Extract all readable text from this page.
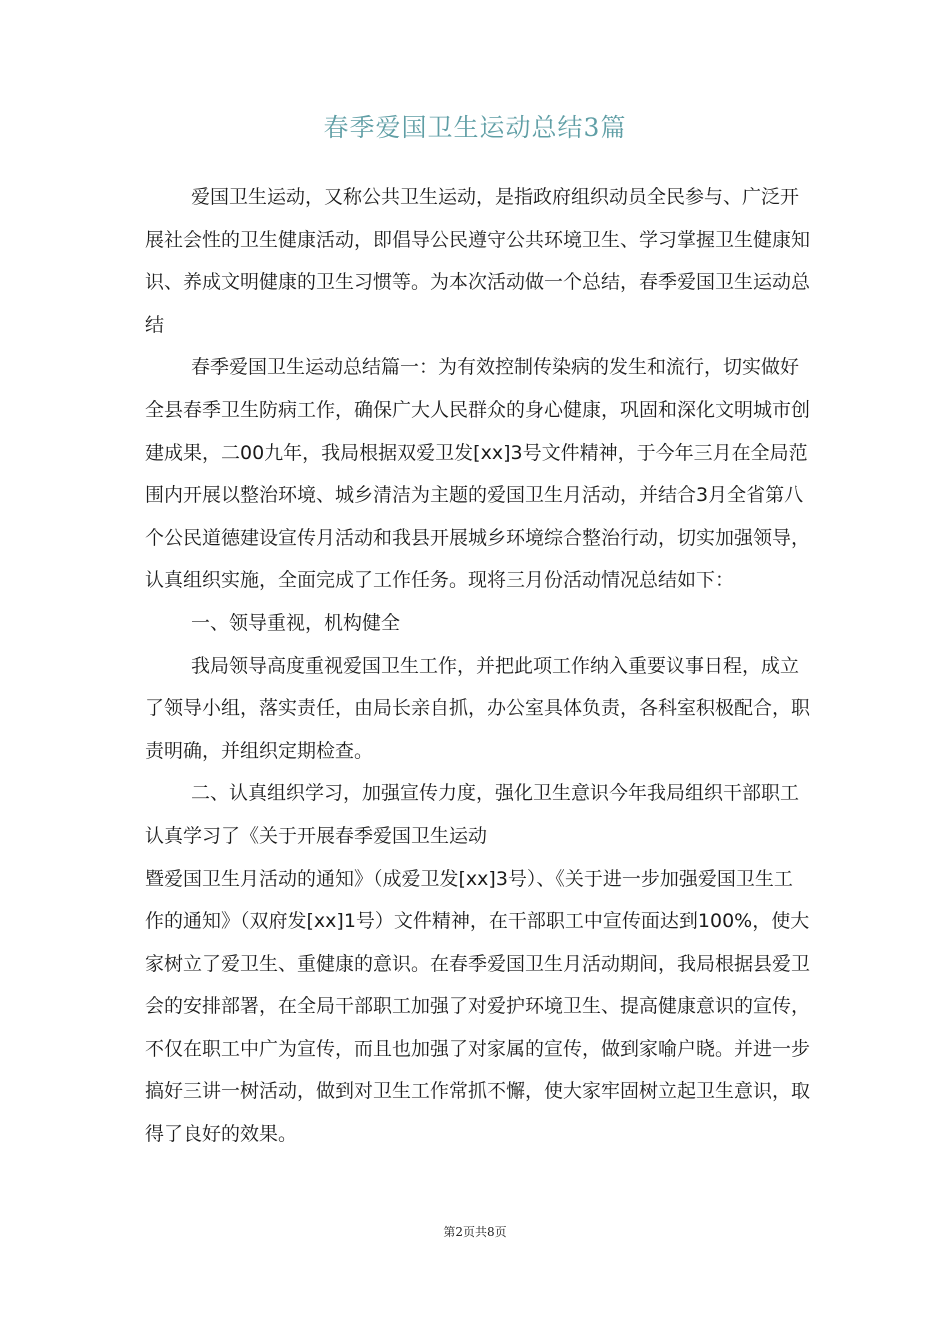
春季爱国卫生运动总结3篇

爱国卫生运动，又称公共卫生运动，是指政府组织动员全民参与、广泛开展社会性的卫生健康活动，即倡导公民遵守公共环境卫生、学习掌握卫生健康知识、养成文明健康的卫生习惯等。为本次活动做一个总结，春季爱国卫生运动总结

春季爱国卫生运动总结篇一：为有效控制传染病的发生和流行，切实做好全县春季卫生防病工作，确保广大人民群众的身心健康，巩固和深化文明城市创建成果，二00九年，我局根据双爱卫发[xx]3号文件精神，于今年三月在全局范围内开展以整治环境、城乡清洁为主题的爱国卫生月活动，并结合3月全省第八个公民道德建设宣传月活动和我县开展城乡环境综合整治行动，切实加强领导，认真组织实施，全面完成了工作任务。现将三月份活动情况总结如下：

一、领导重视，机构健全

我局领导高度重视爱国卫生工作，并把此项工作纳入重要议事日程，成立了领导小组，落实责任，由局长亲自抓，办公室具体负责，各科室积极配合，职责明确，并组织定期检查。

二、认真组织学习，加强宣传力度，强化卫生意识今年我局组织干部职工认真学习了《关于开展春季爱国卫生运动

暨爱国卫生月活动的通知》（成爱卫发[xx]3号）、《关于进一步加强爱国卫生工作的通知》（双府发[xx]1号）文件精神，在干部职工中宣传面达到100%，使大家树立了爱卫生、重健康的意识。在春季爱国卫生月活动期间，我局根据县爱卫会的安排部署，在全局干部职工加强了对爱护环境卫生、提高健康意识的宣传，不仅在职工中广为宣传，而且也加强了对家属的宣传，做到家喻户晓。并进一步搞好三讲一树活动，做到对卫生工作常抓不懈，使大家牢固树立起卫生意识，取得了良好的效果。

第2页共8页
